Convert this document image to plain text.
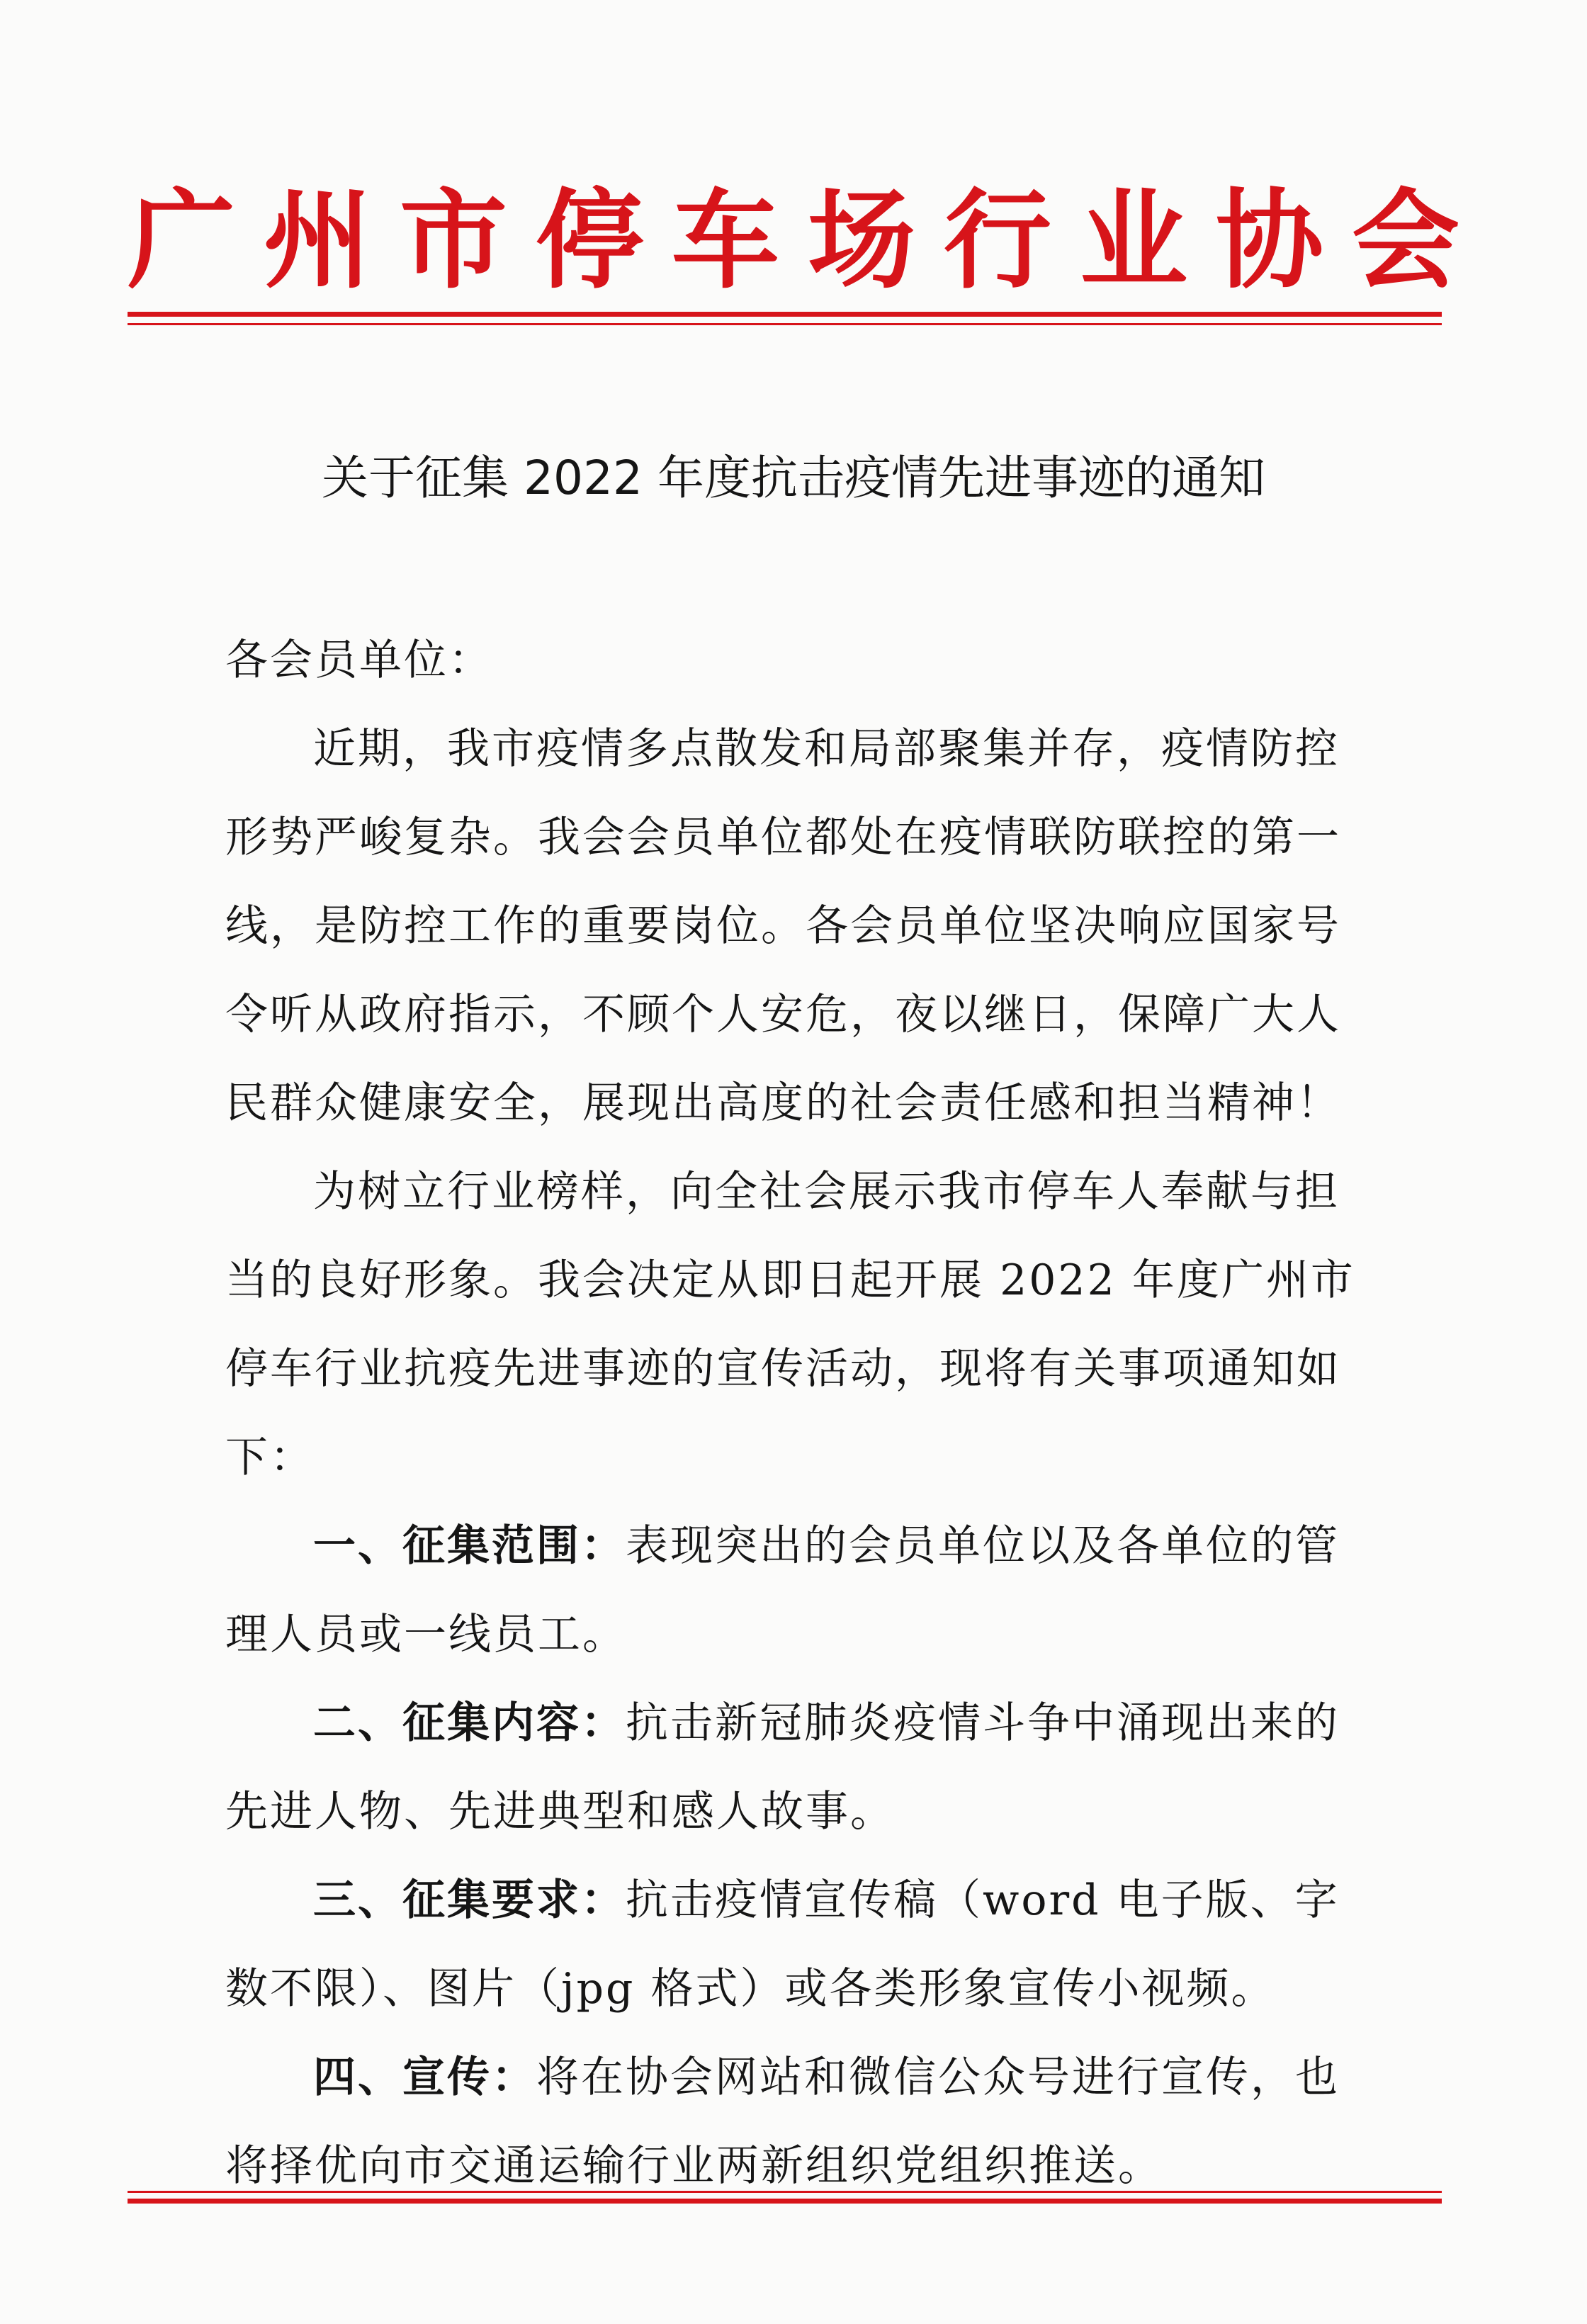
广州市停车场行业协会
关于征集 2022 年度抗击疫情先进事迹的通知

各会员单位：

近期，我市疫情多点散发和局部聚集并存，疫情防控形势严峻复杂。我会会员单位都处在疫情联防联控的第一线，是防控工作的重要岗位。各会员单位坚决响应国家号令听从政府指示，不顾个人安危，夜以继日，保障广大人民群众健康安全，展现出高度的社会责任感和担当精神！

为树立行业榜样，向全社会展示我市停车人奉献与担当的良好形象。我会决定从即日起开展 2022 年度广州市停车行业抗疫先进事迹的宣传活动，现将有关事项通知如下：

一、征集范围：表现突出的会员单位以及各单位的管理人员或一线员工。

二、征集内容：抗击新冠肺炎疫情斗争中涌现出来的先进人物、先进典型和感人故事。

三、征集要求：抗击疫情宣传稿（word 电子版、字数不限）、图片（jpg 格式）或各类形象宣传小视频。

四、宣传：将在协会网站和微信公众号进行宣传，也将择优向市交通运输行业两新组织党组织推送。
